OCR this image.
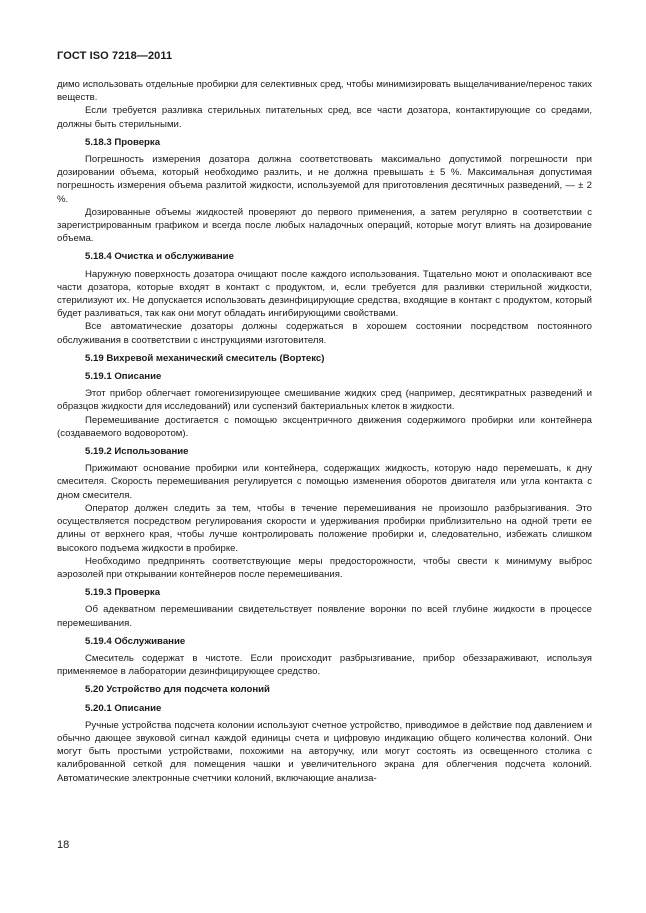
ГОСТ ISO 7218—2011
димо использовать отдельные пробирки для селективных сред, чтобы минимизировать выщелачивание/перенос таких веществ.
Если требуется разливка стерильных питательных сред, все части дозатора, контактирующие со средами, должны быть стерильными.
5.18.3 Проверка
Погрешность измерения дозатора должна соответствовать максимально допустимой погрешности при дозировании объема, который необходимо разлить, и не должна превышать ± 5 %. Максимальная допустимая погрешность измерения объема разлитой жидкости, используемой для приготовления десятичных разведений, — ± 2 %.
Дозированные объемы жидкостей проверяют до первого применения, а затем регулярно в соответствии с зарегистрированным графиком и всегда после любых наладочных операций, которые могут влиять на дозирование объема.
5.18.4 Очистка и обслуживание
Наружную поверхность дозатора очищают после каждого использования. Тщательно моют и ополаскивают все части дозатора, которые входят в контакт с продуктом, и, если требуется для разливки стерильной жидкости, стерилизуют их. Не допускается использовать дезинфицирующие средства, входящие в контакт с продуктом, который будет разливаться, так как они могут обладать ингибирующими свойствами.
Все автоматические дозаторы должны содержаться в хорошем состоянии посредством постоянного обслуживания в соответствии с инструкциями изготовителя.
5.19 Вихревой механический смеситель (Вортекс)
5.19.1 Описание
Этот прибор облегчает гомогенизирующее смешивание жидких сред (например, десятикратных разведений и образцов жидкости для исследований) или суспензий бактериальных клеток в жидкости.
Перемешивание достигается с помощью эксцентричного движения содержимого пробирки или контейнера (создаваемого водоворотом).
5.19.2 Использование
Прижимают основание пробирки или контейнера, содержащих жидкость, которую надо перемешать, к дну смесителя. Скорость перемешивания регулируется с помощью изменения оборотов двигателя или угла контакта с дном смесителя.
Оператор должен следить за тем, чтобы в течение перемешивания не произошло разбрызгивания. Это осуществляется посредством регулирования скорости и удерживания пробирки приблизительно на одной трети ее длины от верхнего края, чтобы лучше контролировать положение пробирки и, следовательно, избежать слишком высокого подъема жидкости в пробирке.
Необходимо предпринять соответствующие меры предосторожности, чтобы свести к минимуму выброс аэрозолей при открывании контейнеров после перемешивания.
5.19.3 Проверка
Об адекватном перемешивании свидетельствует появление воронки по всей глубине жидкости в процессе перемешивания.
5.19.4 Обслуживание
Смеситель содержат в чистоте. Если происходит разбрызгивание, прибор обеззараживают, используя применяемое в лаборатории дезинфицирующее средство.
5.20 Устройство для подсчета колоний
5.20.1 Описание
Ручные устройства подсчета колонии используют счетное устройство, приводимое в действие под давлением и обычно дающее звуковой сигнал каждой единицы счета и цифровую индикацию общего количества колоний. Они могут быть простыми устройствами, похожими на авторучку, или могут состоять из освещенного столика с калиброванной сеткой для помещения чашки и увеличительного экрана для облегчения подсчета колоний. Автоматические электронные счетчики колоний, включающие анализа-
18
